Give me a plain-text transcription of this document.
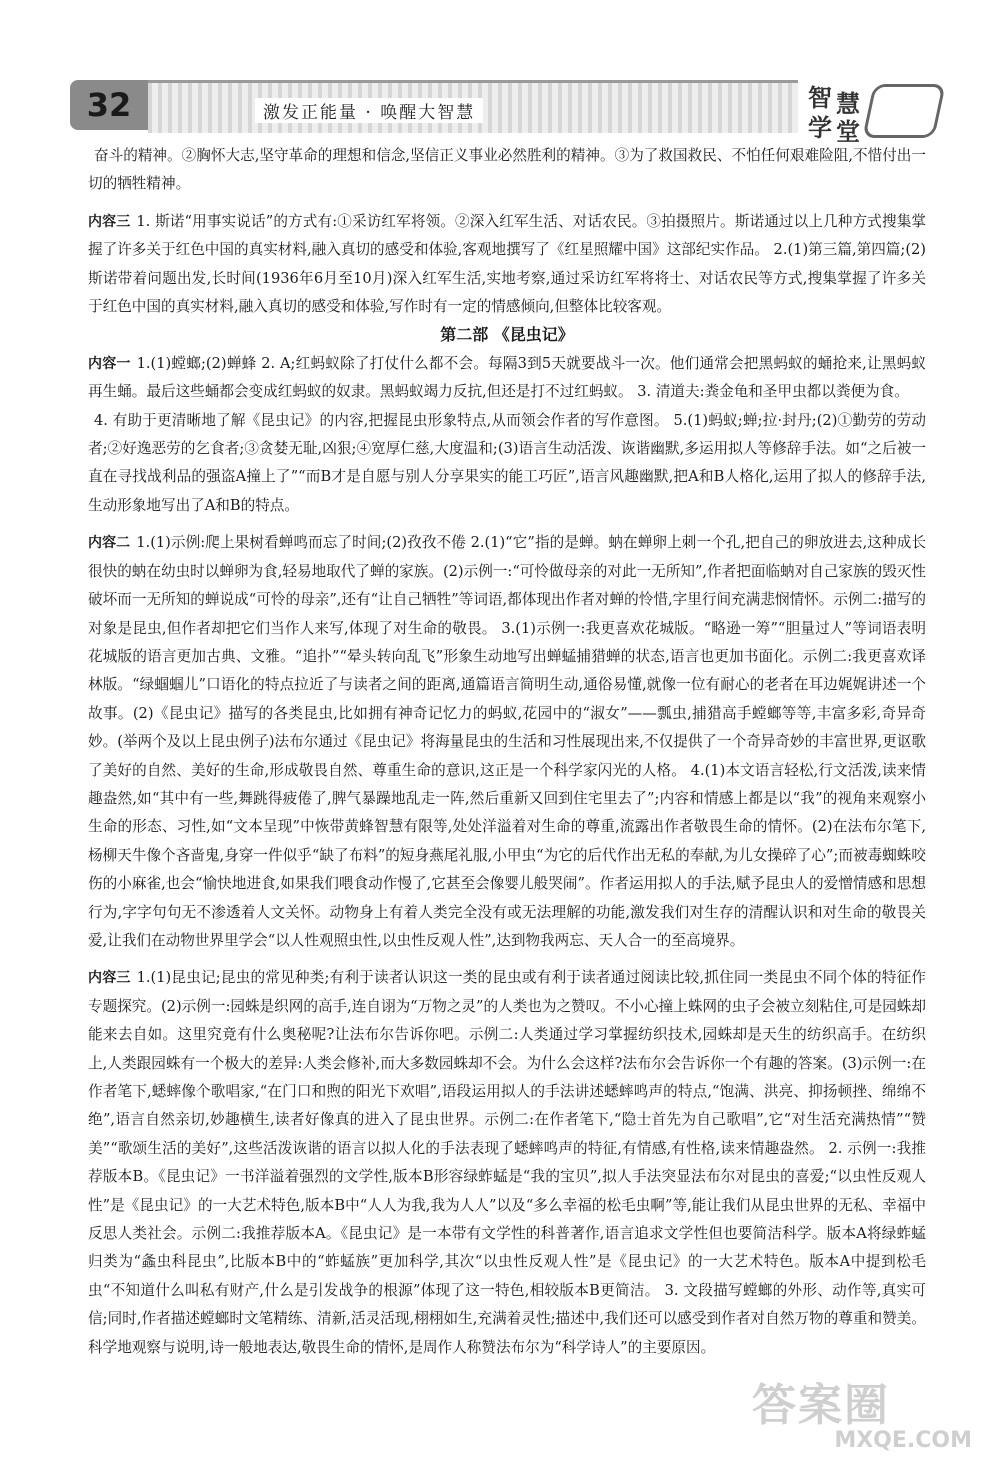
32	激发正能量 · 唤醒大智慧
智 慧
学 堂

奋斗的精神。②胸怀大志,坚守革命的理想和信念,坚信正义事业必然胜利的精神。③为了救国救民、不怕任何艰难险阻,不惜付出一切的牺牲精神。

内容三 1. 斯诺“用事实说话”的方式有:①采访红军将领。②深入红军生活、对话农民。③拍摄照片。斯诺通过以上几种方式搜集掌握了许多关于红色中国的真实材料,融入真切的感受和体验,客观地撰写了《红星照耀中国》这部纪实作品。 2.(1)第三篇,第四篇;(2)斯诺带着问题出发,长时间(1936年6月至10月)深入红军生活,实地考察,通过采访红军将将士、对话农民等方式,搜集掌握了许多关于红色中国的真实材料,融入真切的感受和体验,写作时有一定的情感倾向,但整体比较客观。

第二部 《昆虫记》

内容一 1.(1)螳螂;(2)蝉蜂 2. A;红蚂蚁除了打仗什么都不会。每隔3到5天就要战斗一次。他们通常会把黑蚂蚁的蛹抢来,让黑蚂蚁再生蛹。最后这些蛹都会变成红蚂蚁的奴隶。黑蚂蚁竭力反抗,但还是打不过红蚂蚁。 3. 清道夫:粪金龟和圣甲虫都以粪便为食。

4. 有助于更清晰地了解《昆虫记》的内容,把握昆虫形象特点,从而领会作者的写作意图。 5.(1)蚂蚁;蝉;拉·封丹;(2)①勤劳的劳动者;②好逸恶劳的乞食者;③贪婪无耻,凶狠;④宽厚仁慈,大度温和;(3)语言生动活泼、诙谐幽默,多运用拟人等修辞手法。如“之后被一直在寻找战利品的强盗A撞上了”“而B才是自愿与别人分享果实的能工巧匠”,语言风趣幽默,把A和B人格化,运用了拟人的修辞手法,生动形象地写出了A和B的特点。

内容二 1.(1)示例:爬上果树看蝉鸣而忘了时间;(2)孜孜不倦 2.(1)“它”指的是蝉。蚋在蝉卵上刺一个孔,把自己的卵放进去,这种成长很快的蚋在幼虫时以蝉卵为食,轻易地取代了蝉的家族。(2)示例一:“可怜做母亲的对此一无所知”,作者把面临蚋对自己家族的毁灭性破坏而一无所知的蝉说成“可怜的母亲”,还有“让自己牺牲”等词语,都体现出作者对蝉的怜惜,字里行间充满悲悯情怀。示例二:描写的对象是昆虫,但作者却把它们当作人来写,体现了对生命的敬畏。 3.(1)示例一:我更喜欢花城版。“略逊一筹”“胆量过人”等词语表明花城版的语言更加古典、文雅。“追扑”“晕头转向乱飞”形象生动地写出蝉蜢捕猎蝉的状态,语言也更加书面化。示例二:我更喜欢译林版。“绿蝈蝈儿”口语化的特点拉近了与读者之间的距离,通篇语言简明生动,通俗易懂,就像一位有耐心的老者在耳边娓娓讲述一个故事。(2)《昆虫记》描写的各类昆虫,比如拥有神奇记忆力的蚂蚁,花园中的“淑女”——瓢虫,捕猎高手螳螂等等,丰富多彩,奇异奇妙。(举两个及以上昆虫例子)法布尔通过《昆虫记》将海量昆虫的生活和习性展现出来,不仅提供了一个奇异奇妙的丰富世界,更讴歌了美好的自然、美好的生命,形成敬畏自然、尊重生命的意识,这正是一个科学家闪光的人格。 4.(1)本文语言轻松,行文活泼,读来情趣盎然,如“其中有一些,舞跳得疲倦了,脾气暴躁地乱走一阵,然后重新又回到住宅里去了”;内容和情感上都是以“我”的视角来观察小生命的形态、习性,如“文本呈现”中恢带黄蜂智慧有限等,处处洋溢着对生命的尊重,流露出作者敬畏生命的情怀。(2)在法布尔笔下,杨柳天牛像个吝啬鬼,身穿一件似乎“缺了布料”的短身燕尾礼服,小甲虫“为它的后代作出无私的奉献,为儿女操碎了心”;而被毒蜘蛛咬伤的小麻雀,也会“愉快地进食,如果我们喂食动作慢了,它甚至会像婴儿般哭闹”。作者运用拟人的手法,赋予昆虫人的爱憎情感和思想行为,字字句句无不渗透着人文关怀。动物身上有着人类完全没有或无法理解的功能,激发我们对生存的清醒认识和对生命的敬畏关爱,让我们在动物世界里学会“以人性观照虫性,以虫性反观人性”,达到物我两忘、天人合一的至高境界。

内容三 1.(1)昆虫记;昆虫的常见种类;有利于读者认识这一类的昆虫或有利于读者通过阅读比较,抓住同一类昆虫不同个体的特征作专题探究。(2)示例一:园蛛是织网的高手,连自诩为“万物之灵”的人类也为之赞叹。不小心撞上蛛网的虫子会被立刻粘住,可是园蛛却能来去自如。这里究竟有什么奥秘呢?让法布尔告诉你吧。示例二:人类通过学习掌握纺织技术,园蛛却是天生的纺织高手。在纺织上,人类跟园蛛有一个极大的差异:人类会修补,而大多数园蛛却不会。为什么会这样?法布尔会告诉你一个有趣的答案。(3)示例一:在作者笔下,蟋蟀像个歌唱家,“在门口和煦的阳光下欢唱”,语段运用拟人的手法讲述蟋蟀鸣声的特点,“饱满、洪亮、抑扬顿挫、绵绵不绝”,语言自然亲切,妙趣横生,读者好像真的进入了昆虫世界。示例二:在作者笔下,“隐士首先为自己歌唱”,它“对生活充满热情”“赞美”“歌颂生活的美好”,这些活泼诙谐的语言以拟人化的手法表现了蟋蟀鸣声的特征,有情感,有性格,读来情趣盎然。 2. 示例一:我推荐版本B。《昆虫记》一书洋溢着强烈的文学性,版本B形容绿蚱蜢是“我的宝贝”,拟人手法突显法布尔对昆虫的喜爱;“以虫性反观人性”是《昆虫记》的一大艺术特色,版本B中“人人为我,我为人人”以及“多么幸福的松毛虫啊”等,能让我们从昆虫世界的无私、幸福中反思人类社会。示例二:我推荐版本A。《昆虫记》是一本带有文学性的科普著作,语言追求文学性但也要简洁科学。版本A将绿蚱蜢归类为“螽虫科昆虫”,比版本B中的“蚱蜢族”更加科学,其次“以虫性反观人性”是《昆虫记》的一大艺术特色。版本A中提到松毛虫“不知道什么叫私有财产,什么是引发战争的根源”体现了这一特色,相较版本B更简洁。 3. 文段描写螳螂的外形、动作等,真实可信;同时,作者描述螳螂时文笔精练、清新,活灵活现,栩栩如生,充满着灵性;描述中,我们还可以感受到作者对自然万物的尊重和赞美。科学地观察与说明,诗一般地表达,敬畏生命的情怀,是周作人称赞法布尔为“科学诗人”的主要原因。

答案圈
MXQE.COM
